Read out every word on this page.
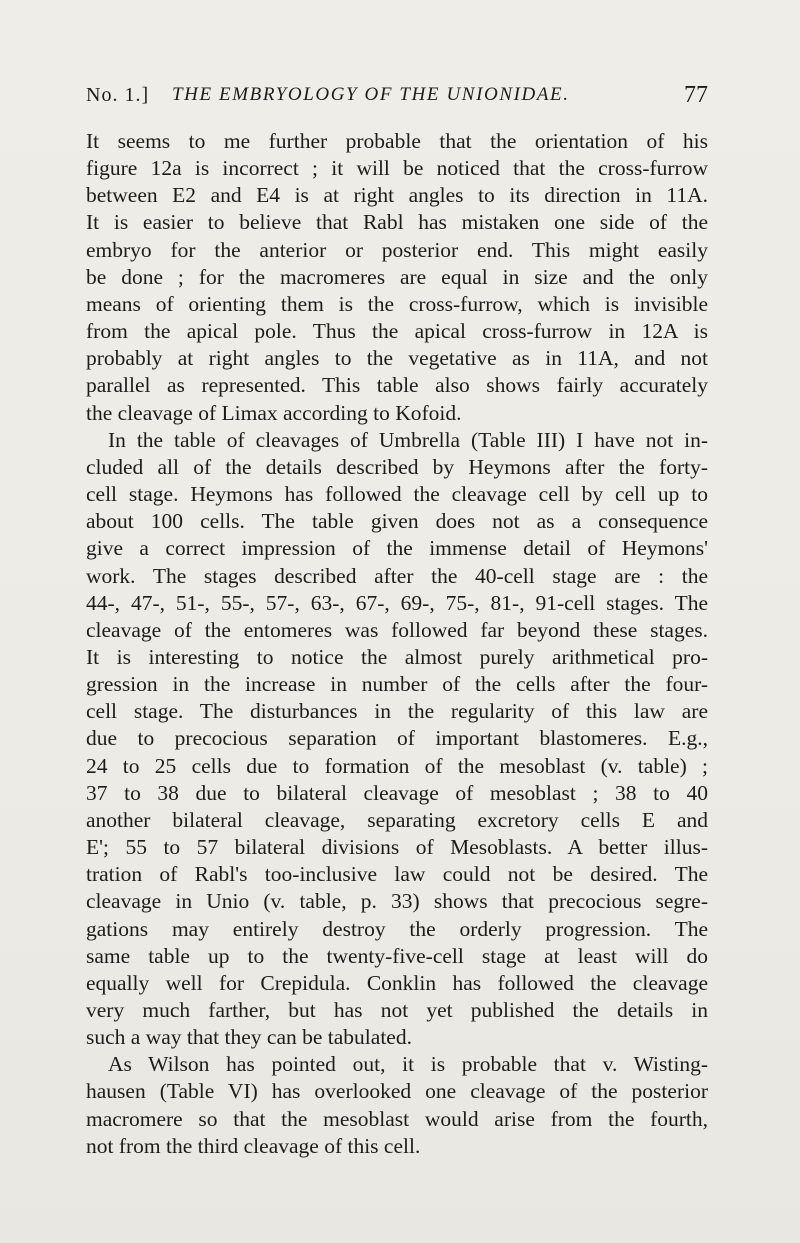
No. 1.] THE EMBRYOLOGY OF THE UNIONIDAE.	77
It seems to me further probable that the orientation of his
figure 12a is incorrect ; it will be noticed that the cross-furrow
between E2 and E4 is at right angles to its direction in 11A.
It is easier to believe that Rabl has mistaken one side of the
embryo for the anterior or posterior end. This might easily
be done ; for the macromeres are equal in size and the only
means of orienting them is the cross-furrow, which is invisible
from the apical pole. Thus the apical cross-furrow in 12A is
probably at right angles to the vegetative as in 11A, and not
parallel as represented. This table also shows fairly accurately
the cleavage of Limax according to Kofoid.
In the table of cleavages of Umbrella (Table III) I have not in-
cluded all of the details described by Heymons after the forty-
cell stage. Heymons has followed the cleavage cell by cell up to
about 100 cells. The table given does not as a consequence
give a correct impression of the immense detail of Heymons'
work. The stages described after the 40-cell stage are : the
44-, 47-, 51-, 55-, 57-, 63-, 67-, 69-, 75-, 81-, 91-cell stages. The
cleavage of the entomeres was followed far beyond these stages.
It is interesting to notice the almost purely arithmetical pro-
gression in the increase in number of the cells after the four-
cell stage. The disturbances in the regularity of this law are
due to precocious separation of important blastomeres. E.g.,
24 to 25 cells due to formation of the mesoblast (v. table) ;
37 to 38 due to bilateral cleavage of mesoblast ; 38 to 40
another bilateral cleavage, separating excretory cells E and
E'; 55 to 57 bilateral divisions of Mesoblasts. A better illus-
tration of Rabl's too-inclusive law could not be desired. The
cleavage in Unio (v. table, p. 33) shows that precocious segre-
gations may entirely destroy the orderly progression. The
same table up to the twenty-five-cell stage at least will do
equally well for Crepidula. Conklin has followed the cleavage
very much farther, but has not yet published the details in
such a way that they can be tabulated.
As Wilson has pointed out, it is probable that v. Wisting-
hausen (Table VI) has overlooked one cleavage of the posterior
macromere so that the mesoblast would arise from the fourth,
not from the third cleavage of this cell.
